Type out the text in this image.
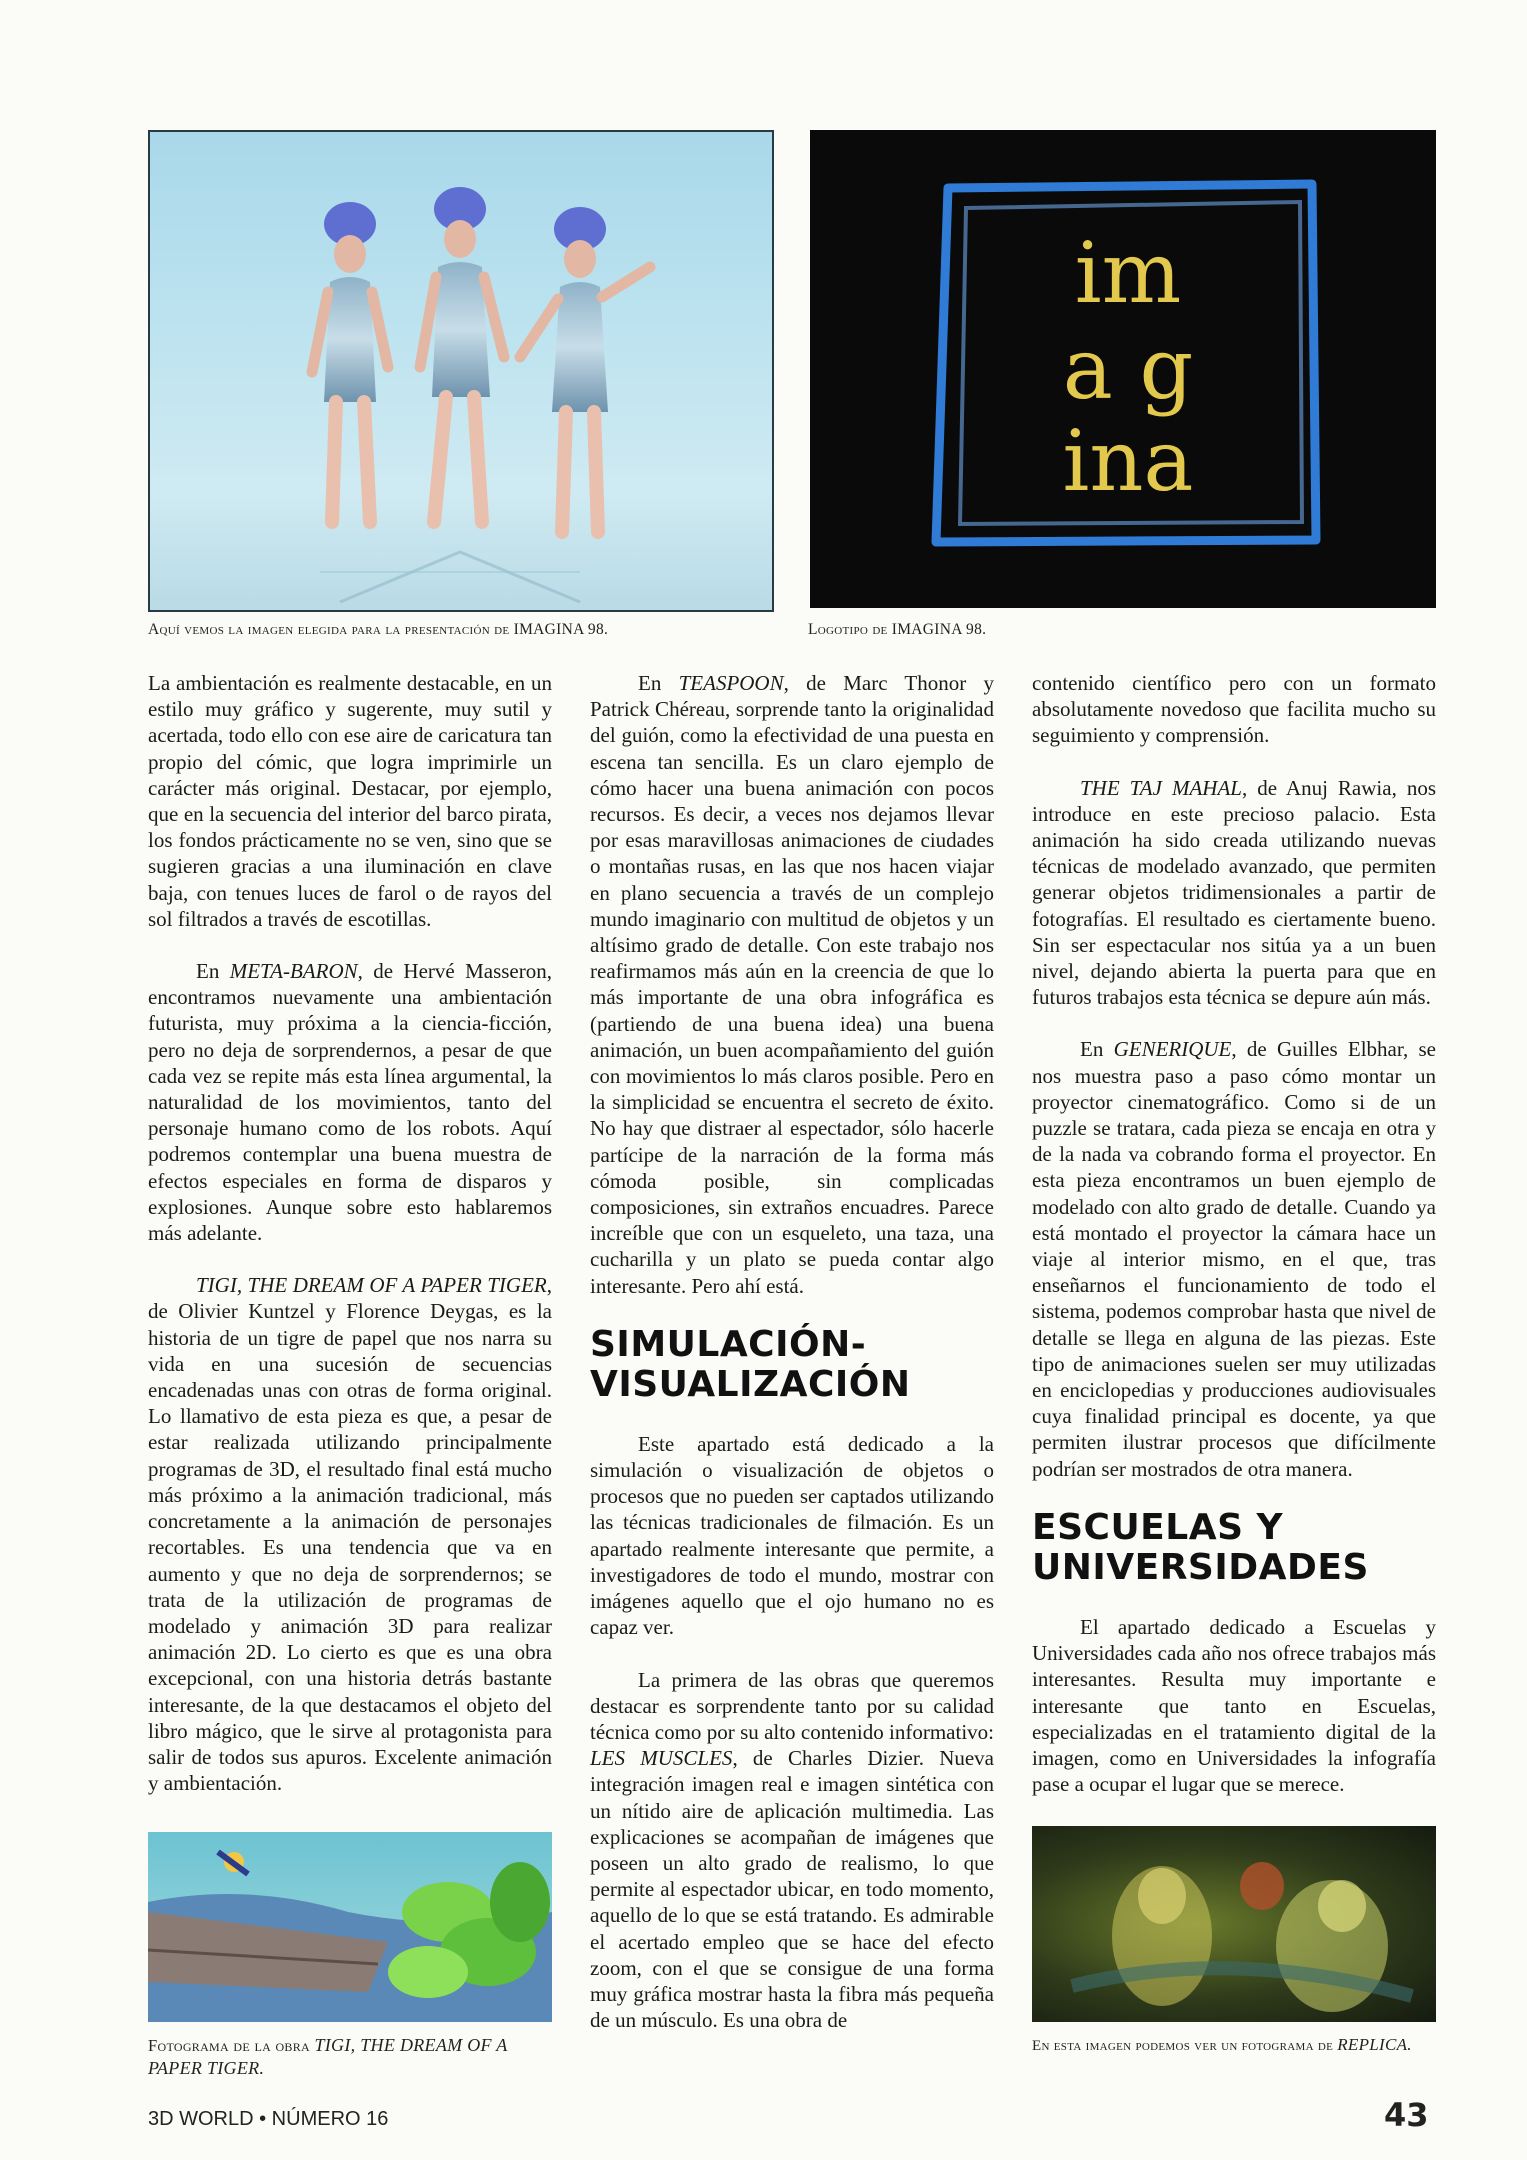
im
a g
ina
Aquí vemos la imagen elegida para la presentación de IMAGINA 98.	Logotipo de IMAGINA 98.

La ambientación es realmente destacable, en un estilo muy gráfico y sugerente, muy sutil y acertada, todo ello con ese aire de caricatura tan propio del cómic, que logra imprimirle un carácter más original. Destacar, por ejemplo, que en la secuencia del interior del barco pirata, los fondos prácticamente no se ven, sino que se sugieren gracias a una iluminación en clave baja, con tenues luces de farol o de rayos del sol filtrados a través de escotillas.

En META-BARON, de Hervé Masseron, encontramos nuevamente una ambientación futurista, muy próxima a la ciencia-ficción, pero no deja de sorprendernos, a pesar de que cada vez se repite más esta línea argumental, la naturalidad de los movimientos, tanto del personaje humano como de los robots. Aquí podremos contemplar una buena muestra de efectos especiales en forma de disparos y explosiones. Aunque sobre esto hablaremos más adelante.

TIGI, THE DREAM OF A PAPER TIGER, de Olivier Kuntzel y Florence Deygas, es la historia de un tigre de papel que nos narra su vida en una sucesión de secuencias encadenadas unas con otras de forma original. Lo llamativo de esta pieza es que, a pesar de estar realizada utilizando principalmente programas de 3D, el resultado final está mucho más próximo a la animación tradicional, más concretamente a la animación de personajes recortables. Es una tendencia que va en aumento y que no deja de sorprendernos; se trata de la utilización de programas de modelado y animación 3D para realizar animación 2D. Lo cierto es que es una obra excepcional, con una historia detrás bastante interesante, de la que destacamos el objeto del libro mágico, que le sirve al protagonista para salir de todos sus apuros. Excelente animación y ambientación.

Fotograma de la obra TIGI, THE DREAM OF A PAPER TIGER.

En TEASPOON, de Marc Thonor y Patrick Chéreau, sorprende tanto la originalidad del guión, como la efectividad de una puesta en escena tan sencilla. Es un claro ejemplo de cómo hacer una buena animación con pocos recursos. Es decir, a veces nos dejamos llevar por esas maravillosas animaciones de ciudades o montañas rusas, en las que nos hacen viajar en plano secuencia a través de un complejo mundo imaginario con multitud de objetos y un altísimo grado de detalle. Con este trabajo nos reafirmamos más aún en la creencia de que lo más importante de una obra infográfica es (partiendo de una buena idea) una buena animación, un buen acompañamiento del guión con movimientos lo más claros posible. Pero en la simplicidad se encuentra el secreto de éxito. No hay que distraer al espectador, sólo hacerle partícipe de la narración de la forma más cómoda posible, sin complicadas composiciones, sin extraños encuadres. Parece increíble que con un esqueleto, una taza, una cucharilla y un plato se pueda contar algo interesante. Pero ahí está.

SIMULACIÓN-
VISUALIZACIÓN

Este apartado está dedicado a la simulación o visualización de objetos o procesos que no pueden ser captados utilizando las técnicas tradicionales de filmación. Es un apartado realmente interesante que permite, a investigadores de todo el mundo, mostrar con imágenes aquello que el ojo humano no es capaz ver.

La primera de las obras que queremos destacar es sorprendente tanto por su calidad técnica como por su alto contenido informativo: LES MUSCLES, de Charles Dizier. Nueva integración imagen real e imagen sintética con un nítido aire de aplicación multimedia. Las explicaciones se acompañan de imágenes que poseen un alto grado de realismo, lo que permite al espectador ubicar, en todo momento, aquello de lo que se está tratando. Es admirable el acertado empleo que se hace del efecto zoom, con el que se consigue de una forma muy gráfica mostrar hasta la fibra más pequeña de un músculo. Es una obra de

contenido científico pero con un formato absolutamente novedoso que facilita mucho su seguimiento y comprensión.

THE TAJ MAHAL, de Anuj Rawia, nos introduce en este precioso palacio. Esta animación ha sido creada utilizando nuevas técnicas de modelado avanzado, que permiten generar objetos tridimensionales a partir de fotografías. El resultado es ciertamente bueno. Sin ser espectacular nos sitúa ya a un buen nivel, dejando abierta la puerta para que en futuros trabajos esta técnica se depure aún más.

En GENERIQUE, de Guilles Elbhar, se nos muestra paso a paso cómo montar un proyector cinematográfico. Como si de un puzzle se tratara, cada pieza se encaja en otra y de la nada va cobrando forma el proyector. En esta pieza encontramos un buen ejemplo de modelado con alto grado de detalle. Cuando ya está montado el proyector la cámara hace un viaje al interior mismo, en el que, tras enseñarnos el funcionamiento de todo el sistema, podemos comprobar hasta que nivel de detalle se llega en alguna de las piezas. Este tipo de animaciones suelen ser muy utilizadas en enciclopedias y producciones audiovisuales cuya finalidad principal es docente, ya que permiten ilustrar procesos que difícilmente podrían ser mostrados de otra manera.

ESCUELAS Y
UNIVERSIDADES

El apartado dedicado a Escuelas y Universidades cada año nos ofrece trabajos más interesantes. Resulta muy importante e interesante que tanto en Escuelas, especializadas en el tratamiento digital de la imagen, como en Universidades la infografía pase a ocupar el lugar que se merece.

En esta imagen podemos ver un fotograma de REPLICA.
3D WORLD • NÚMERO 16	43
